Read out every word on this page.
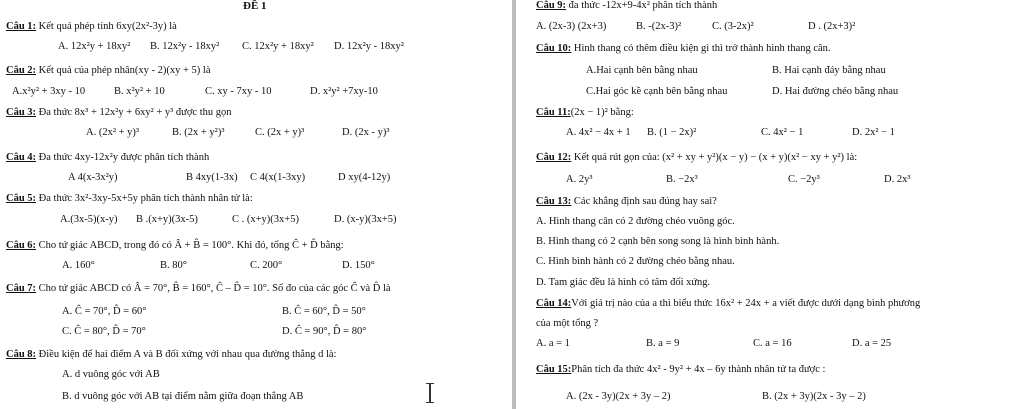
ĐỀ 1
Câu 1: Kết quả phép tính 6xy(2x²-3y) là
A. 12x²y + 18xy² B. 12x²y - 18xy² C. 12x²y + 18xy² D. 12x²y - 18xy²
Câu 2: Kết quả của phép nhân(xy - 2)(xy + 5) là
A.x²y² + 3xy - 10	B. x²y² + 10	C. xy - 7xy - 10	D. x²y² +7xy-10
Câu 3: Đa thức 8x³ + 12x²y + 6xy² + y³ được thu gọn
A. (2x² + y)³	B. (2x + y²)³	C. (2x + y)³	D. (2x - y)³
Câu 4: Đa thức 4xy-12x²y được phân tích thành
A 4(x-3x²y)	B 4xy(1-3x) C 4(x(1-3xy)	D xy(4-12y)
Câu 5: Đa thức 3x²-3xy-5x+5y phân tích thành nhân tử là:
A.(3x-5)(x-y) B .(x+y)(3x-5)	C . (x+y)(3x+5)	D. (x-y)(3x+5)
Câu 6: Cho tứ giác ABCD, trong đó có Â + B̂ = 100°. Khi đó, tổng Ĉ + D̂ bằng:
A. 160°	B. 80°	C. 200°	D. 150°
Câu 7: Cho tứ giác ABCD có Â = 70°, B̂ = 160°, Ĉ – D̂ = 10°. Số đo của các góc Ĉ và D̂ là
A. Ĉ = 70°, D̂ = 60°	B. Ĉ = 60°, D̂ = 50°
C. Ĉ = 80°, D̂ = 70°	D. Ĉ = 90°, D̂ = 80°
Câu 8: Điều kiện để hai điểm A và B đối xứng với nhau qua đường thẳng d là:
A. d vuông góc với AB
B. d vuông góc với AB tại điểm nằm giữa đoạn thẳng AB
Câu 9: đa thức -12x+9-4x² phân tích thành
A. (2x-3) (2x+3)	B. -(2x-3)²	C. (3-2x)²	D . (2x+3)²
Câu 10: Hình thang có thêm điều kiện gì thì trở thành hình thang cân.
A.Hai cạnh bên bằng nhau	B. Hai cạnh đáy bằng nhau
C.Hai góc kề cạnh bên bằng nhau	D. Hai đường chéo bằng nhau
Câu 11:(2x − 1)² bằng:
A. 4x² − 4x + 1 B. (1 − 2x)²	C. 4x² − 1	D. 2x² − 1
Câu 12: Kết quả rút gọn của: (x² + xy + y²)(x − y) − (x + y)(x² − xy + y²) là:
A. 2y³	B. −2x³	C. −2y³	D. 2x³
Câu 13: Các khẳng định sau đúng hay sai?
A. Hình thang cân có 2 đường chéo vuông góc.
B. Hình thang có 2 cạnh bên song song là hình bình hành.
C. Hình bình hành có 2 đường chéo bằng nhau.
D. Tam giác đều là hình có tâm đối xứng.
Câu 14:Với giá trị nào của a thì biểu thức 16x² + 24x + a viết được dưới dạng bình phương
của một tổng ?
A. a = 1	B. a = 9	C. a = 16	D. a = 25
Câu 15:Phân tích đa thức 4x² - 9y² + 4x – 6y thành nhân tử ta được :
A. (2x - 3y)(2x + 3y – 2)	B. (2x + 3y)(2x - 3y – 2)
